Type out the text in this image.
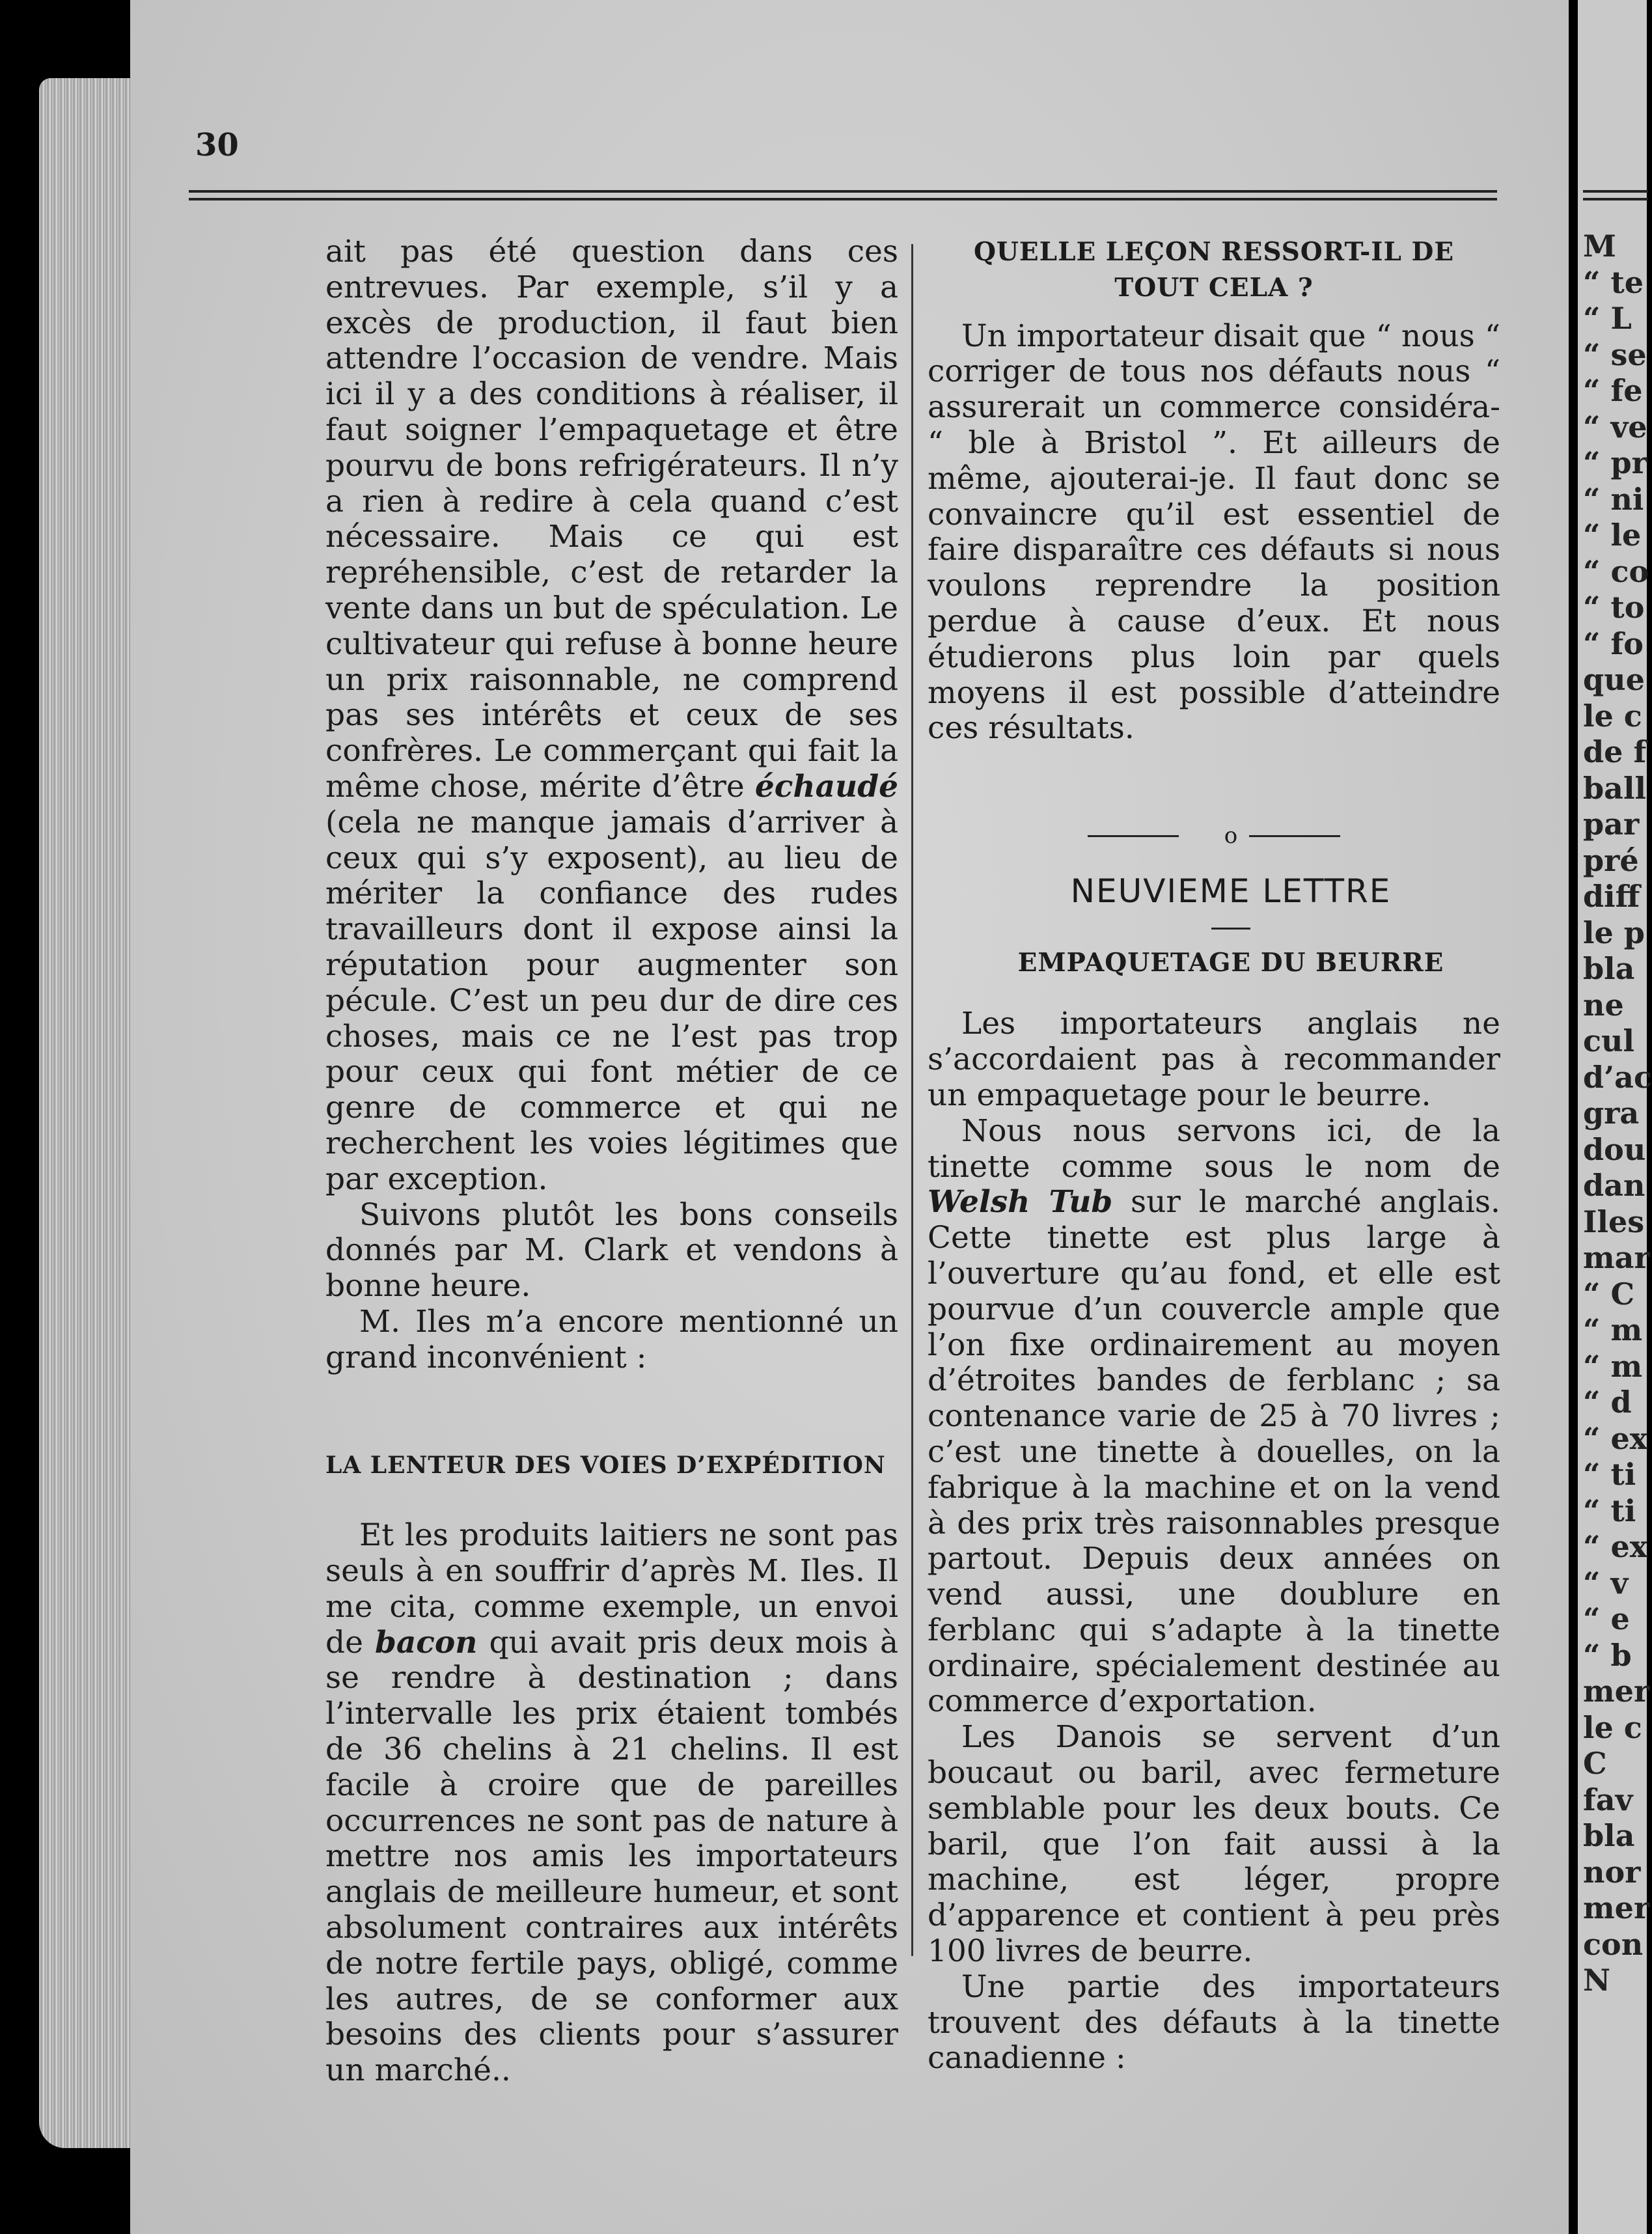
30

ait pas été question dans ces entrevues. Par exemple, s’il y a excès de production, il faut bien attendre l’occasion de vendre. Mais ici il y a des conditions à réaliser, il faut soigner l’empaquetage et être pourvu de bons refrigérateurs. Il n’y a rien à redire à cela quand c’est nécessaire. Mais ce qui est repréhensible, c’est de retarder la vente dans un but de spéculation. Le cultivateur qui refuse à bonne heure un prix raisonnable, ne comprend pas ses intérêts et ceux de ses confrères. Le commerçant qui fait la même chose, mérite d’être échaudé (cela ne manque jamais d’arriver à ceux qui s’y exposent), au lieu de mériter la confiance des rudes travailleurs dont il expose ainsi la réputation pour augmenter son pécule. C’est un peu dur de dire ces choses, mais ce ne l’est pas trop pour ceux qui font métier de ce genre de commerce et qui ne recherchent les voies légitimes que par exception.

Suivons plutôt les bons conseils donnés par M. Clark et vendons à bonne heure.

M. Iles m’a encore mentionné un grand inconvénient :

LA LENTEUR DES VOIES D’EXPÉDITION

Et les produits laitiers ne sont pas seuls à en souffrir d’après M. Iles. Il me cita, comme exemple, un envoi de bacon qui avait pris deux mois à se rendre à destination ; dans l’intervalle les prix étaient tombés de 36 chelins à 21 chelins. Il est facile à croire que de pareilles occurrences ne sont pas de nature à mettre nos amis les importateurs anglais de meilleure humeur, et sont absolument contraires aux intérêts de notre fertile pays, obligé, comme les autres, de se conformer aux besoins des clients pour s’assurer un marché..

QUELLE LEÇON RESSORT-IL DE TOUT CELA ?

Un importateur disait que “ nous “ corriger de tous nos défauts nous “ assurerait un commerce considéra- “ ble à Bristol ”. Et ailleurs de même, ajouterai-je. Il faut donc se convaincre qu’il est essentiel de faire disparaître ces défauts si nous voulons reprendre la position perdue à cause d’eux. Et nous étudierons plus loin par quels moyens il est possible d’atteindre ces résultats.

o

NEUVIEME LETTRE

EMPAQUETAGE DU BEURRE

Les importateurs anglais ne s’accordaient pas à recommander un empaquetage pour le beurre.

Nous nous servons ici, de la tinette comme sous le nom de Welsh Tub sur le marché anglais. Cette tinette est plus large à l’ouverture qu’au fond, et elle est pourvue d’un couvercle ample que l’on fixe ordinairement au moyen d’étroites bandes de ferblanc ; sa contenance varie de 25 à 70 livres ; c’est une tinette à douelles, on la fabrique à la machine et on la vend à des prix très raisonnables presque partout. Depuis deux années on vend aussi, une doublure en ferblanc qui s’adapte à la tinette ordinaire, spécialement destinée au commerce d’exportation.

Les Danois se servent d’un boucaut ou baril, avec fermeture semblable pour les deux bouts. Ce baril, que l’on fait aussi à la machine, est léger, propre d’apparence et contient à peu près 100 livres de beurre.

Une partie des importateurs trouvent des défauts à la tinette canadienne :

M
“ te
“ L
“ se
“ fe
“ ve
“ pr
“ ni
“ le
“ co
“ to
“ fo
que
le c
de f
ball
par
pré
diff
le p
bla
ne
cul
d’ac
gra
dou
dan
Iles
mar
“ C
“ m
“ m
“ d
“ ex
“ ti
“ ti
“ ex
“ v
“ e
“ b
mer
le c
C
fav
bla
nor
mer
con
N
